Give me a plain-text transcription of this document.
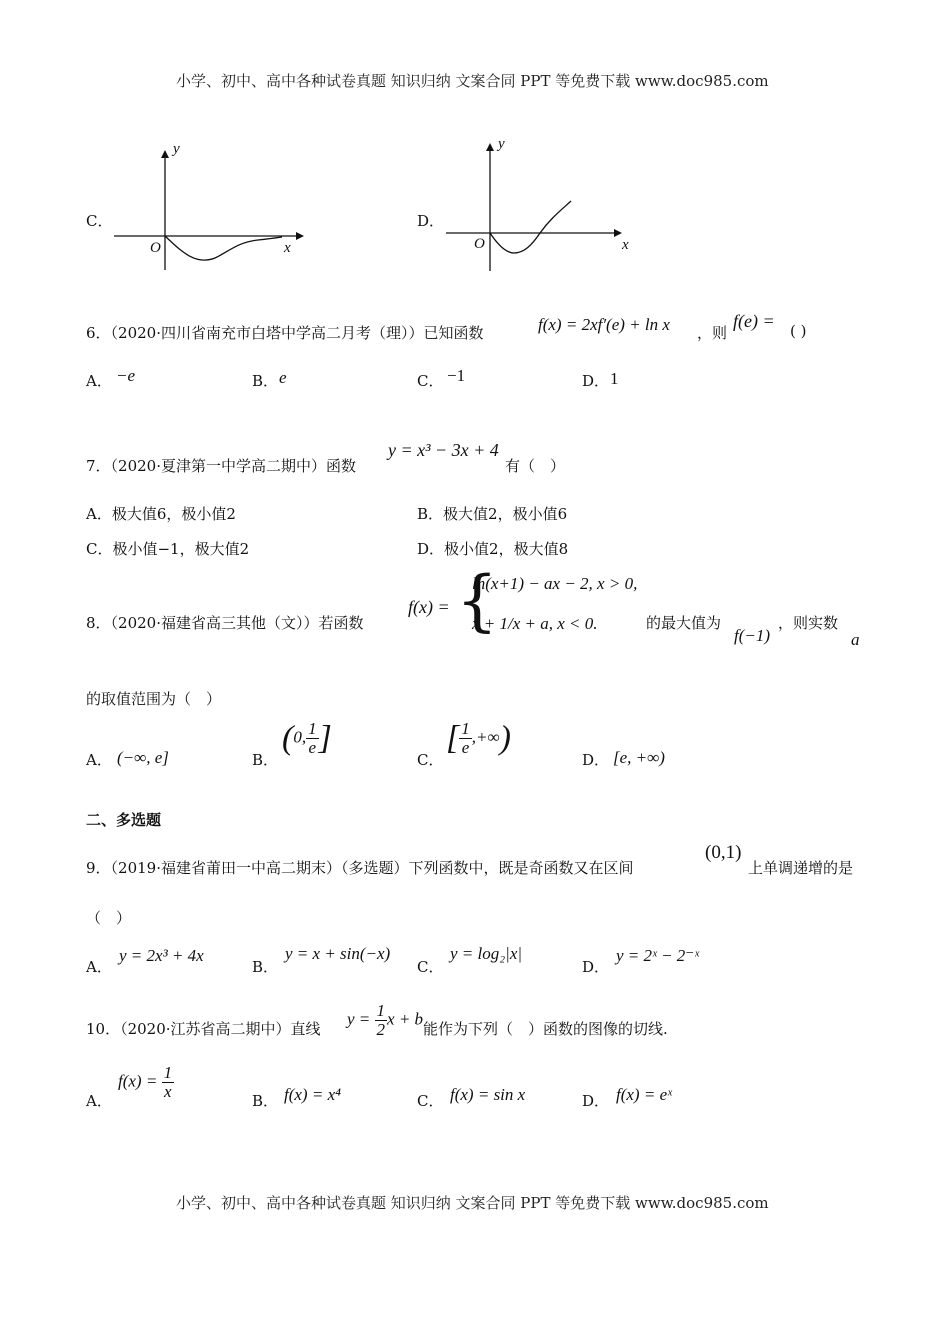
小学、初中、高中各种试卷真题 知识归纳 文案合同 PPT 等免费下载 www.doc985.com
C．
y
x
O
D．
y
x
O
6．（2020·四川省南充市白塔中学高二月考（理））已知函数	f(x) = 2xf′(e) + ln x ，则
f(e) = ( )
A． −e	B． e	C． −1	D． 1
7．（2020·夏津第一中学高二期中）函数
y = x³ − 3x + 4
有（　）
A．极大值6，极小值2	B．极大值2，极小值6
C．极小值−1，极大值2	D．极小值2，极大值8
8．（2020·福建省高三其他（文））若函数
f(x) = {
ln(x+1) − ax − 2, x > 0,
x + 1/x + a, x < 0.	的最大值为
f(−1)
，则实数
a
的取值范围为（　）
A． (−∞, e]	B．
(0, $\frac{1}{e}$ ]
C．
[ $\frac{1}{e}$ ,+∞)
D． [e, +∞)
二、多选题
9．（2019·福建省莆田一中高二期末）（多选题）下列函数中，既是奇函数又在区间
(0,1)
上单调递增的是
（　）
A．
y = 2x³ + 4x
B．
y = x + sin(−x)
C．
y = log₂|x|
D．
y = 2ˣ − 2⁻ˣ
10．（2020·江苏省高二期中）直线
$y = \frac{1}{2}$ x + b
能作为下列（　）函数的图像的切线.
A．
$f(x) = \frac{1}{x}$
B． f(x) = x⁴	C． f(x) = sin x	D． f(x) = eˣ
小学、初中、高中各种试卷真题 知识归纳 文案合同 PPT 等免费下载 www.doc985.com
